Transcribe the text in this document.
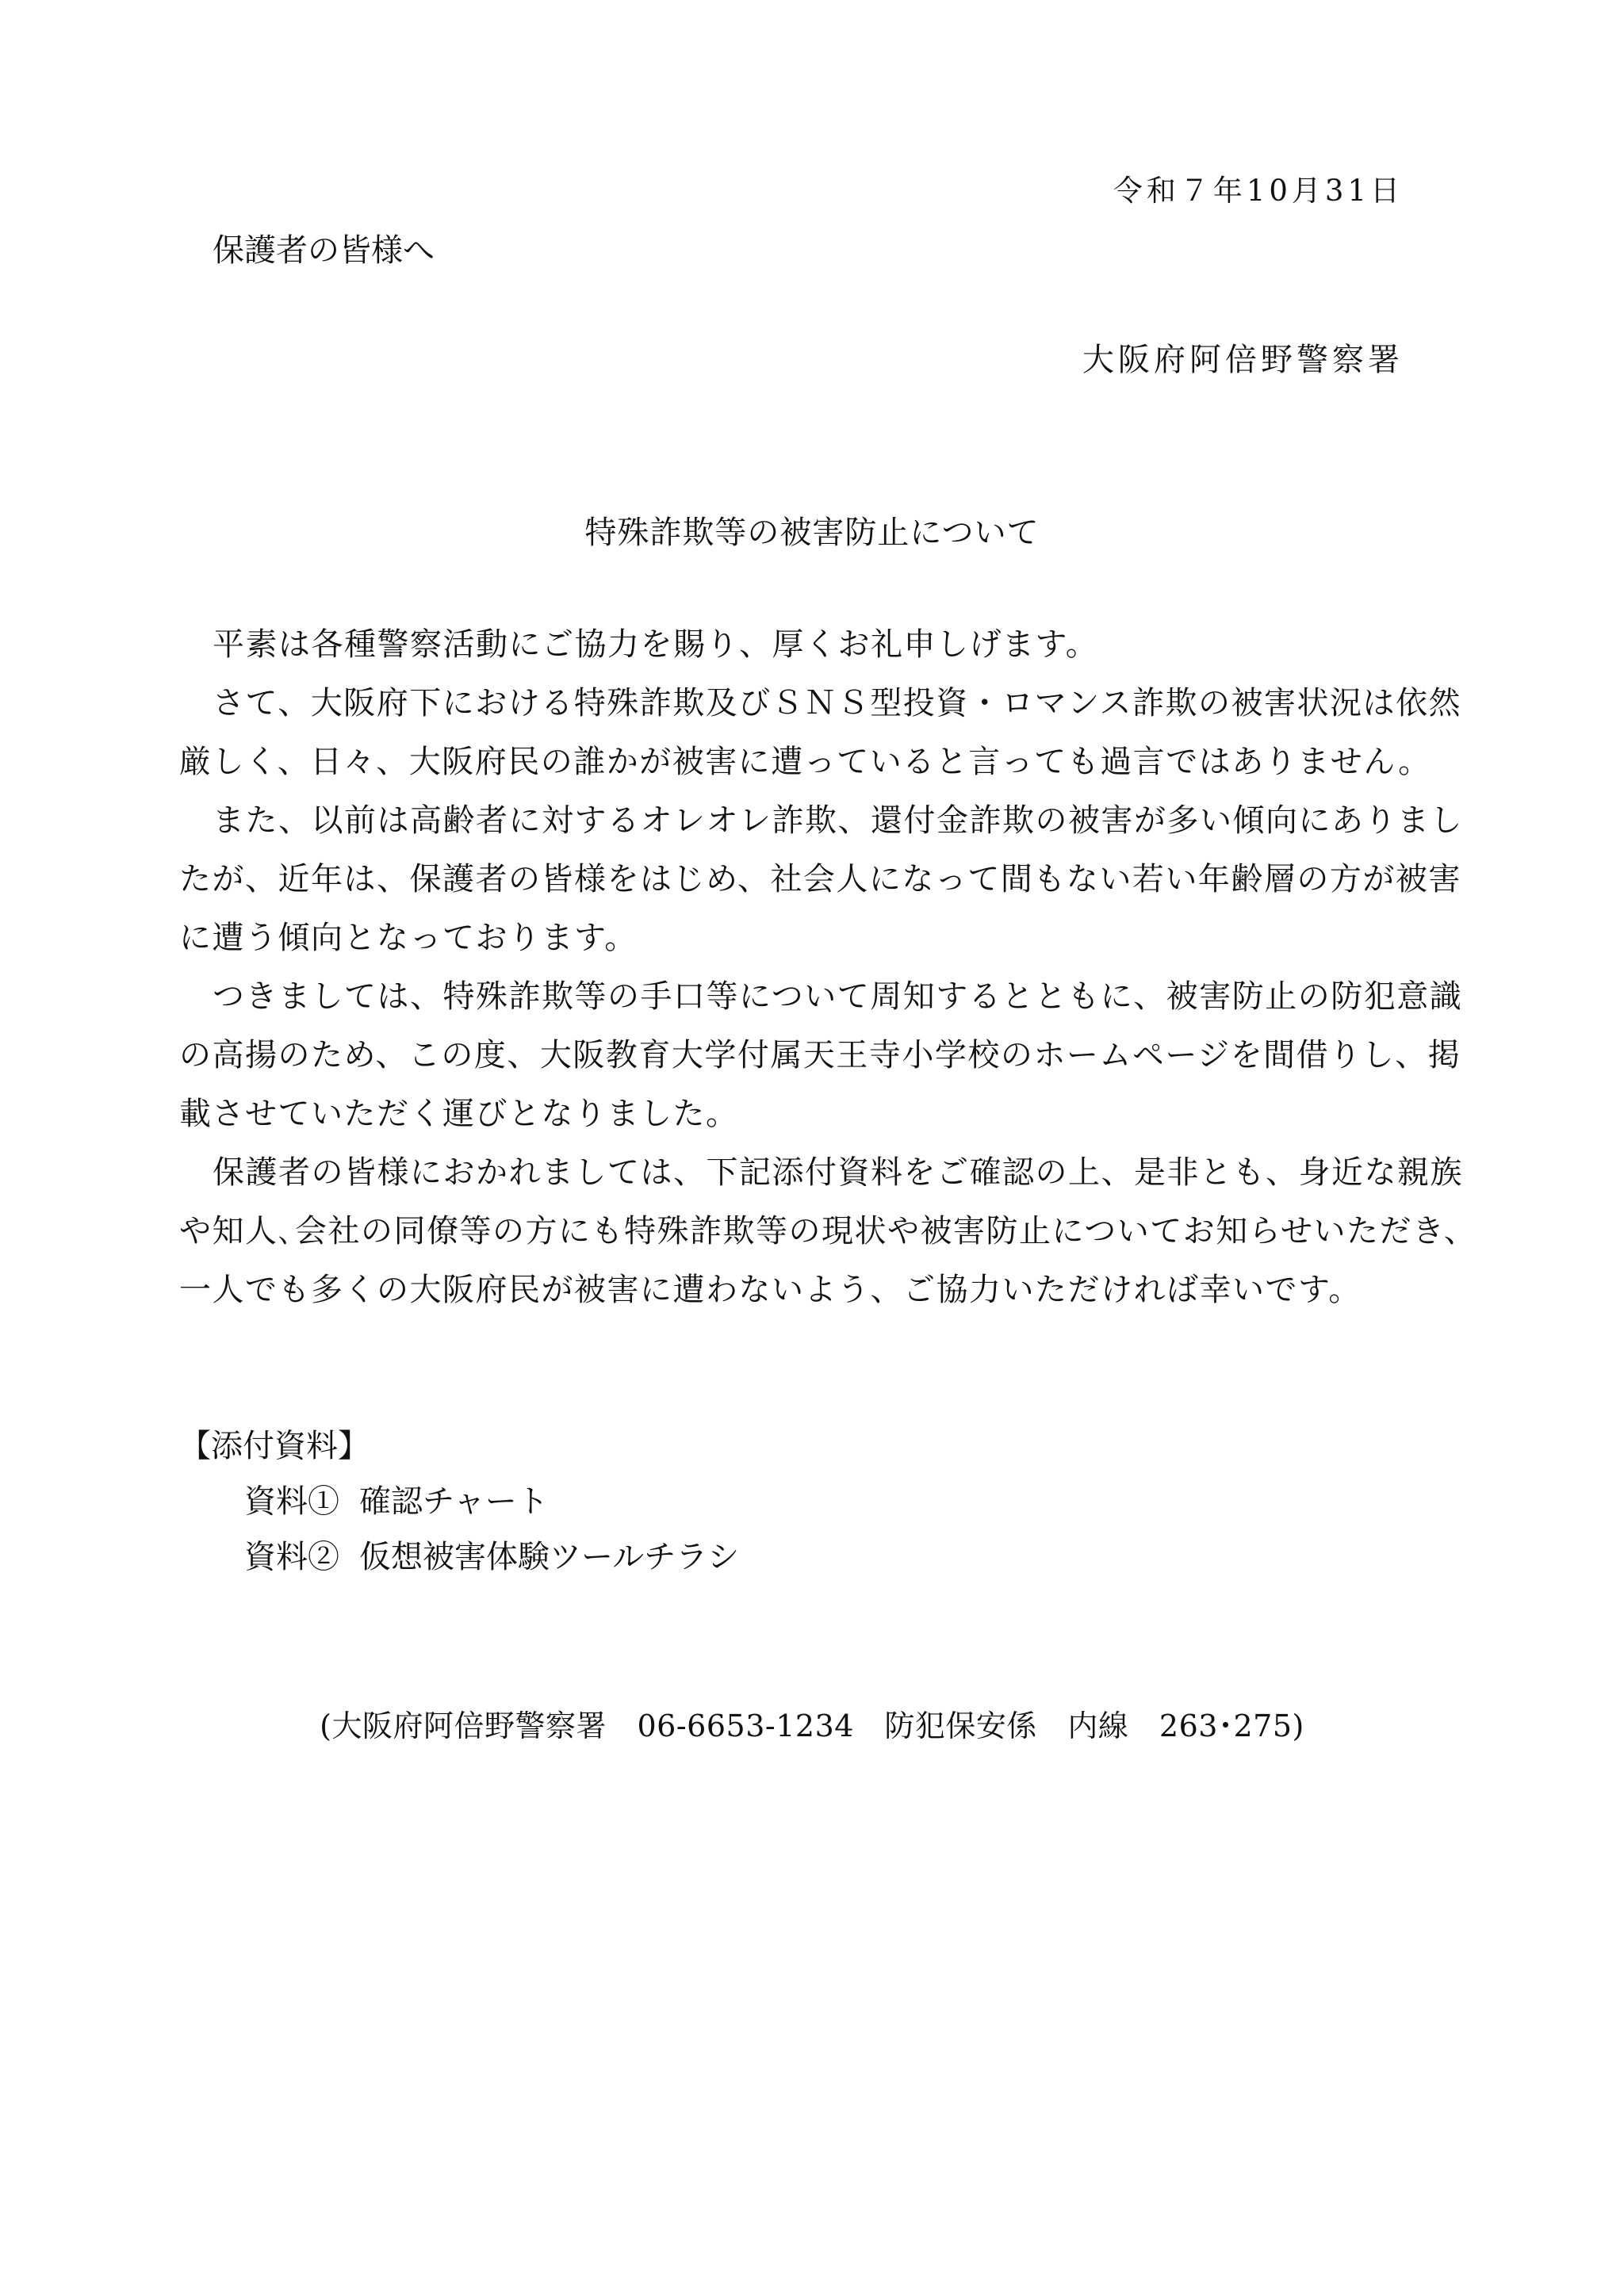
令和７年10月31日

保護者の皆様へ

大阪府阿倍野警察署

特殊詐欺等の被害防止について
平素は各種警察活動にご協力を賜り、厚くお礼申しげます。
さて、大阪府下における特殊詐欺及びＳＮＳ型投資・ロマンス詐欺の被害状況は依然
厳しく、日々、大阪府民の誰かが被害に遭っていると言っても過言ではありません。
また、以前は高齢者に対するオレオレ詐欺、還付金詐欺の被害が多い傾向にありまし
たが、近年は、保護者の皆様をはじめ、社会人になって間もない若い年齢層の方が被害
に遭う傾向となっております。
つきましては、特殊詐欺等の手口等について周知するとともに、被害防止の防犯意識
の高揚のため、この度、大阪教育大学付属天王寺小学校のホームページを間借りし、掲
載させていただく運びとなりました。
保護者の皆様におかれましては、下記添付資料をご確認の上、是非とも、身近な親族
や知人､会社の同僚等の方にも特殊詐欺等の現状や被害防止についてお知らせいただき、
一人でも多くの大阪府民が被害に遭わないよう、ご協力いただければ幸いです。

【添付資料】

資料① 確認チャート

資料② 仮想被害体験ツールチラシ

(大阪府阿倍野警察署　06-6653-1234　防犯保安係　内線　263･275)
